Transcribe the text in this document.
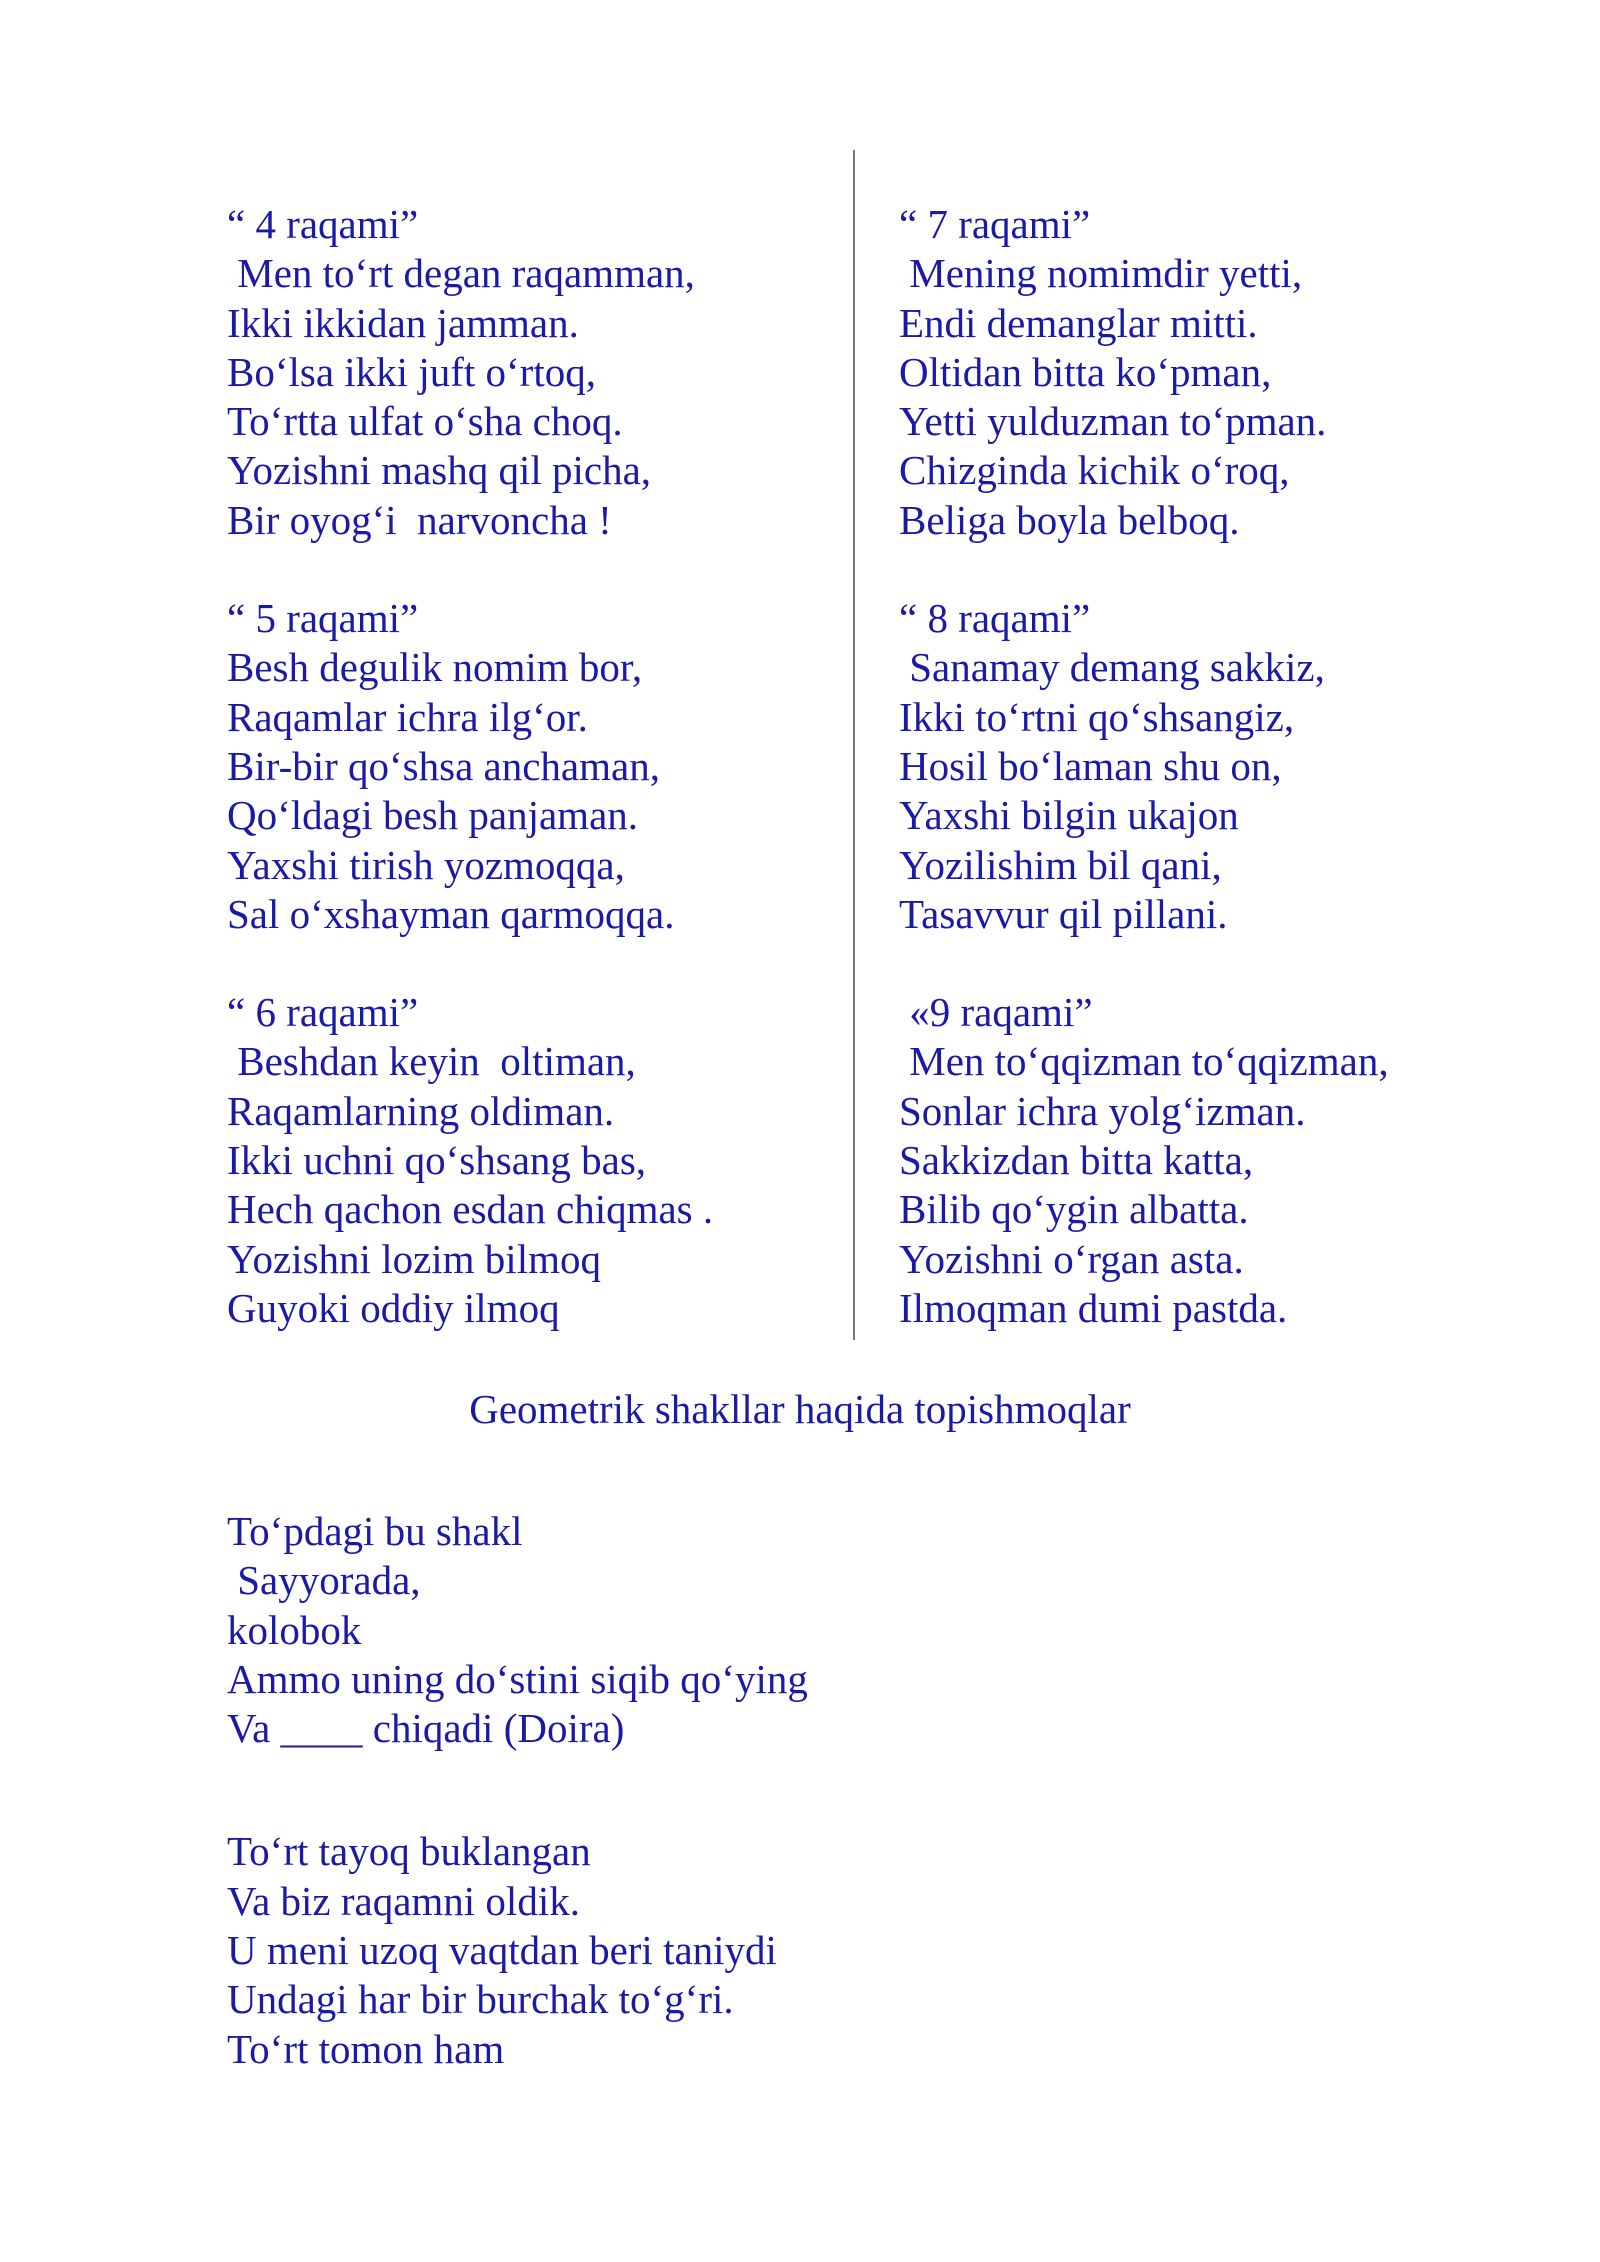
“ 4 raqami”
Men to‘rt degan raqamman,
Ikki ikkidan jamman.
Bo‘lsa ikki juft o‘rtoq,
To‘rtta ulfat o‘sha choq.
Yozishni mashq qil picha,
Bir oyog‘i  narvoncha !
“ 5 raqami”
Besh degulik nomim bor,
Raqamlar ichra ilg‘or.
Bir-bir qo‘shsa anchaman,
Qo‘ldagi besh panjaman.
Yaxshi tirish yozmoqqa,
Sal o‘xshayman qarmoqqa.
“ 6 raqami”
Beshdan keyin  oltiman,
Raqamlarning oldiman.
Ikki uchni qo‘shsang bas,
Hech qachon esdan chiqmas .
Yozishni lozim bilmoq
Guyoki oddiy ilmoq
“ 7 raqami”
Mening nomimdir yetti,
Endi demanglar mitti.
Oltidan bitta ko‘pman,
Yetti yulduzman to‘pman.
Chizginda kichik o‘roq,
Beliga boyla belboq.
“ 8 raqami”
Sanamay demang sakkiz,
Ikki to‘rtni qo‘shsangiz,
Hosil bo‘laman shu on,
Yaxshi bilgin ukajon
Yozilishim bil qani,
Tasavvur qil pillani.
«9 raqami”
Men to‘qqizman to‘qqizman,
Sonlar ichra yolg‘izman.
Sakkizdan bitta katta,
Bilib qo‘ygin albatta.
Yozishni o‘rgan asta.
Ilmoqman dumi pastda.
Geometrik shakllar haqida topishmoqlar
To‘pdagi bu shakl
Sayyorada,
kolobok
Ammo uning do‘stini siqib qo‘ying
Va ____ chiqadi (Doira)
To‘rt tayoq buklangan
Va biz raqamni oldik.
U meni uzoq vaqtdan beri taniydi
Undagi har bir burchak to‘g‘ri.
To‘rt tomon ham
